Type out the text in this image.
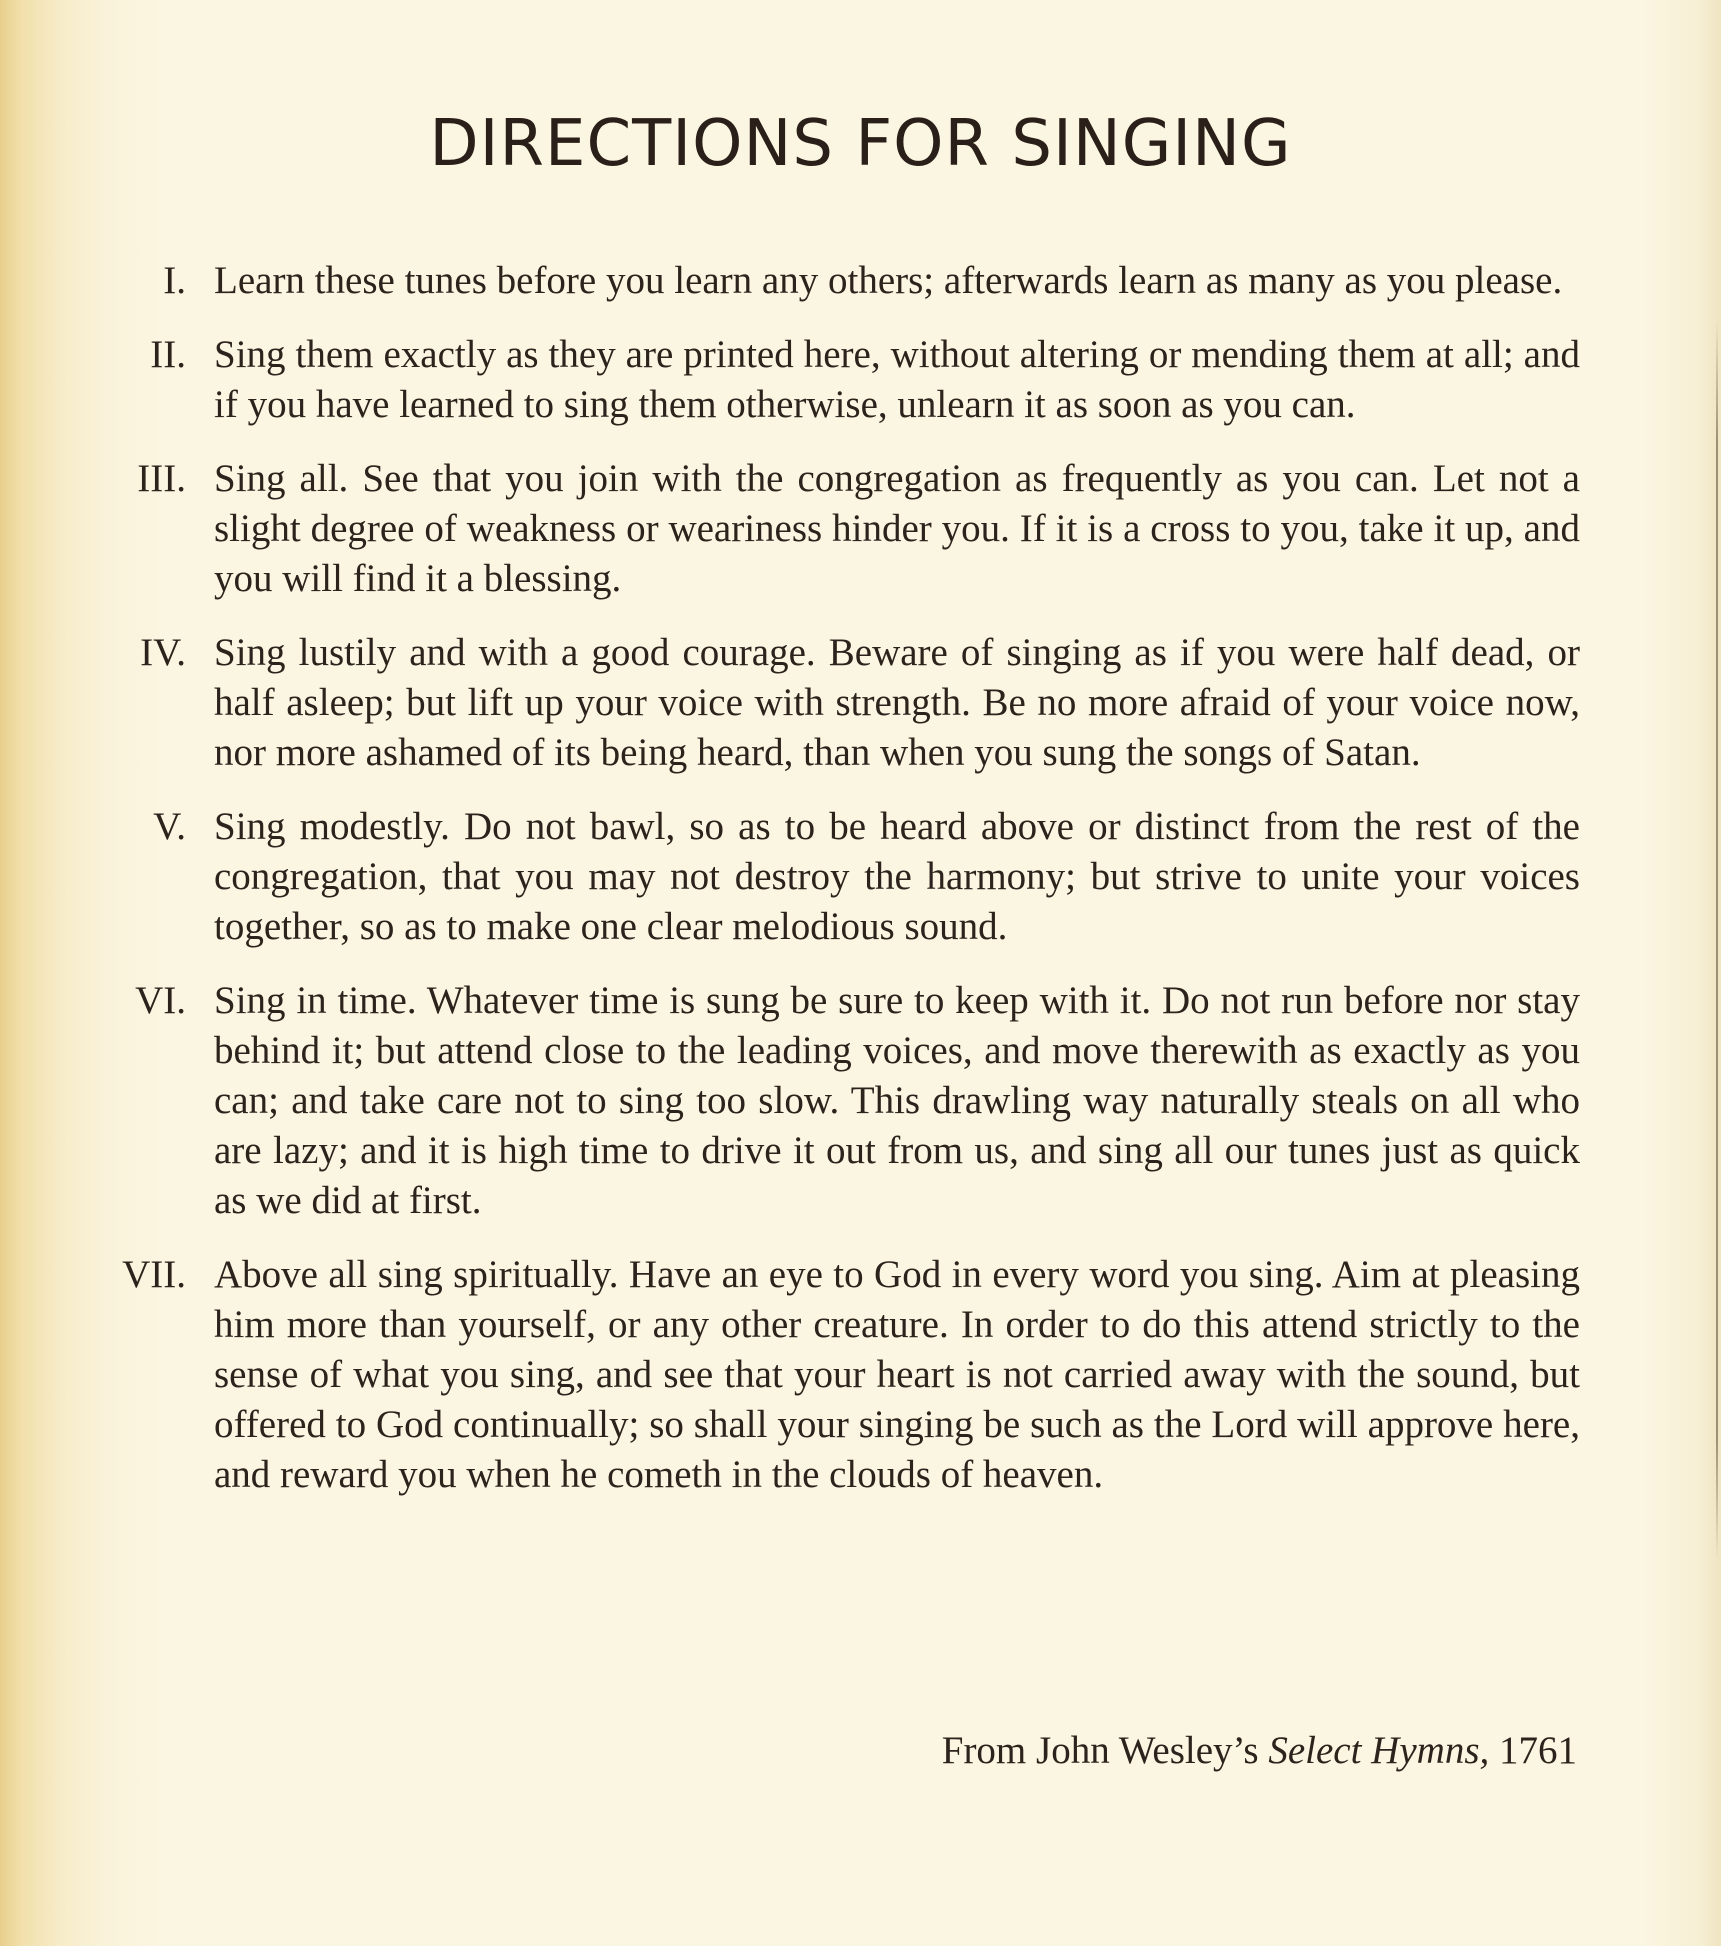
DIRECTIONS FOR SINGING
I. Learn these tunes before you learn any others; afterwards learn as many as you please.
II. Sing them exactly as they are printed here, without altering or mending them at all; and if you have learned to sing them otherwise, unlearn it as soon as you can.
III. Sing all. See that you join with the congregation as frequently as you can. Let not a slight degree of weakness or weariness hinder you. If it is a cross to you, take it up, and you will find it a blessing.
IV. Sing lustily and with a good courage. Beware of singing as if you were half dead, or half asleep; but lift up your voice with strength. Be no more afraid of your voice now, nor more ashamed of its being heard, than when you sung the songs of Satan.
V. Sing modestly. Do not bawl, so as to be heard above or distinct from the rest of the congregation, that you may not destroy the harmony; but strive to unite your voices together, so as to make one clear melodious sound.
VI. Sing in time. Whatever time is sung be sure to keep with it. Do not run before nor stay behind it; but attend close to the leading voices, and move therewith as exactly as you can; and take care not to sing too slow. This drawling way naturally steals on all who are lazy; and it is high time to drive it out from us, and sing all our tunes just as quick as we did at first.
VII. Above all sing spiritually. Have an eye to God in every word you sing. Aim at pleasing him more than yourself, or any other creature. In order to do this attend strictly to the sense of what you sing, and see that your heart is not carried away with the sound, but offered to God continually; so shall your singing be such as the Lord will approve here, and reward you when he cometh in the clouds of heaven.
From John Wesley’s Select Hymns, 1761
